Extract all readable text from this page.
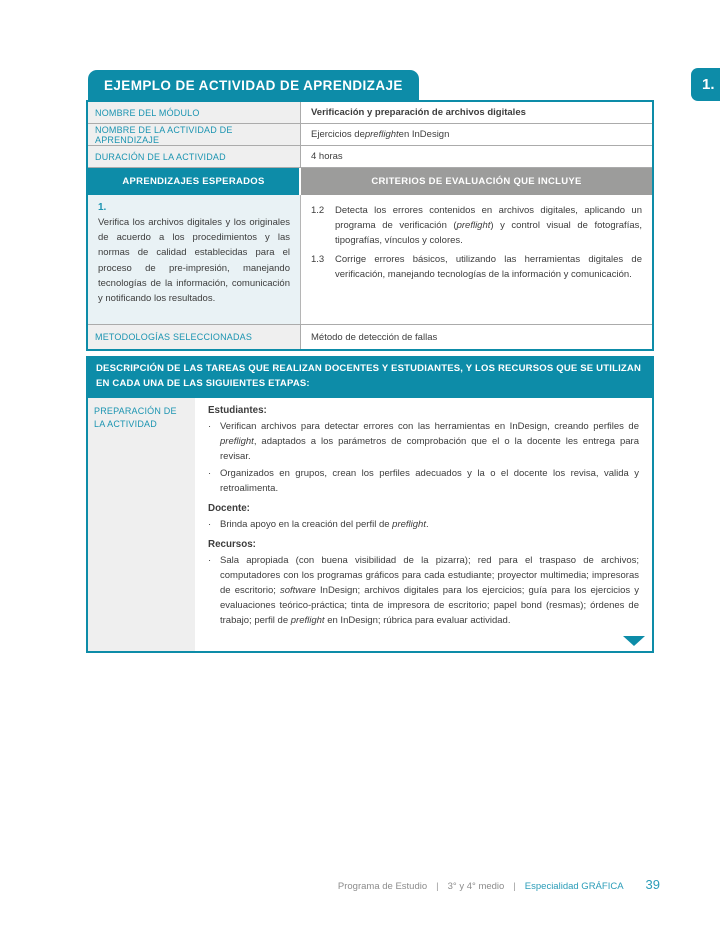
EJEMPLO DE ACTIVIDAD DE APRENDIZAJE	1.
NOMBRE DEL MÓDULO	Verificación y preparación de archivos digitales
NOMBRE DE LA ACTIVIDAD DE APRENDIZAJE	Ejercicios de preflight en InDesign
DURACIÓN DE LA ACTIVIDAD	4 horas
APRENDIZAJES ESPERADOS	CRITERIOS DE EVALUACIÓN QUE INCLUYE
1.
Verifica los archivos digitales y los originales de acuerdo a los procedimientos y las normas de calidad establecidas para el proceso de pre-impresión, manejando tecnologías de la información, comunicación y notificando los resultados.
1.2	Detecta los errores contenidos en archivos digitales, aplicando un programa de verificación (preflight) y control visual de fotografías, tipografías, vínculos y colores.
1.3	Corrige errores básicos, utilizando las herramientas digitales de verificación, manejando tecnologías de la información y comunicación.
METODOLOGÍAS SELECCIONADAS	Método de detección de fallas
DESCRIPCIÓN DE LAS TAREAS QUE REALIZAN DOCENTES Y ESTUDIANTES, Y LOS RECURSOS QUE SE UTILIZAN EN CADA UNA DE LAS SIGUIENTES ETAPAS:
PREPARACIÓN DE LA ACTIVIDAD
Estudiantes:
· Verifican archivos para detectar errores con las herramientas en InDesign, creando perfiles de preflight, adaptados a los parámetros de comprobación que el o la docente les entrega para revisar.
· Organizados en grupos, crean los perfiles adecuados y la o el docente los revisa, valida y retroalimenta.
Docente:
· Brinda apoyo en la creación del perfil de preflight.
Recursos:
· Sala apropiada (con buena visibilidad de la pizarra); red para el traspaso de archivos; computadores con los programas gráficos para cada estudiante; proyector multimedia; impresoras de escritorio; software InDesign; archivos digitales para los ejercicios; guía para los ejercicios y evaluaciones teórico-práctica; tinta de impresora de escritorio; papel bond (resmas); órdenes de trabajo; perfil de preflight en InDesign; rúbrica para evaluar actividad.
Programa de Estudio | 3° y 4° medio | Especialidad GRÁFICA 39
